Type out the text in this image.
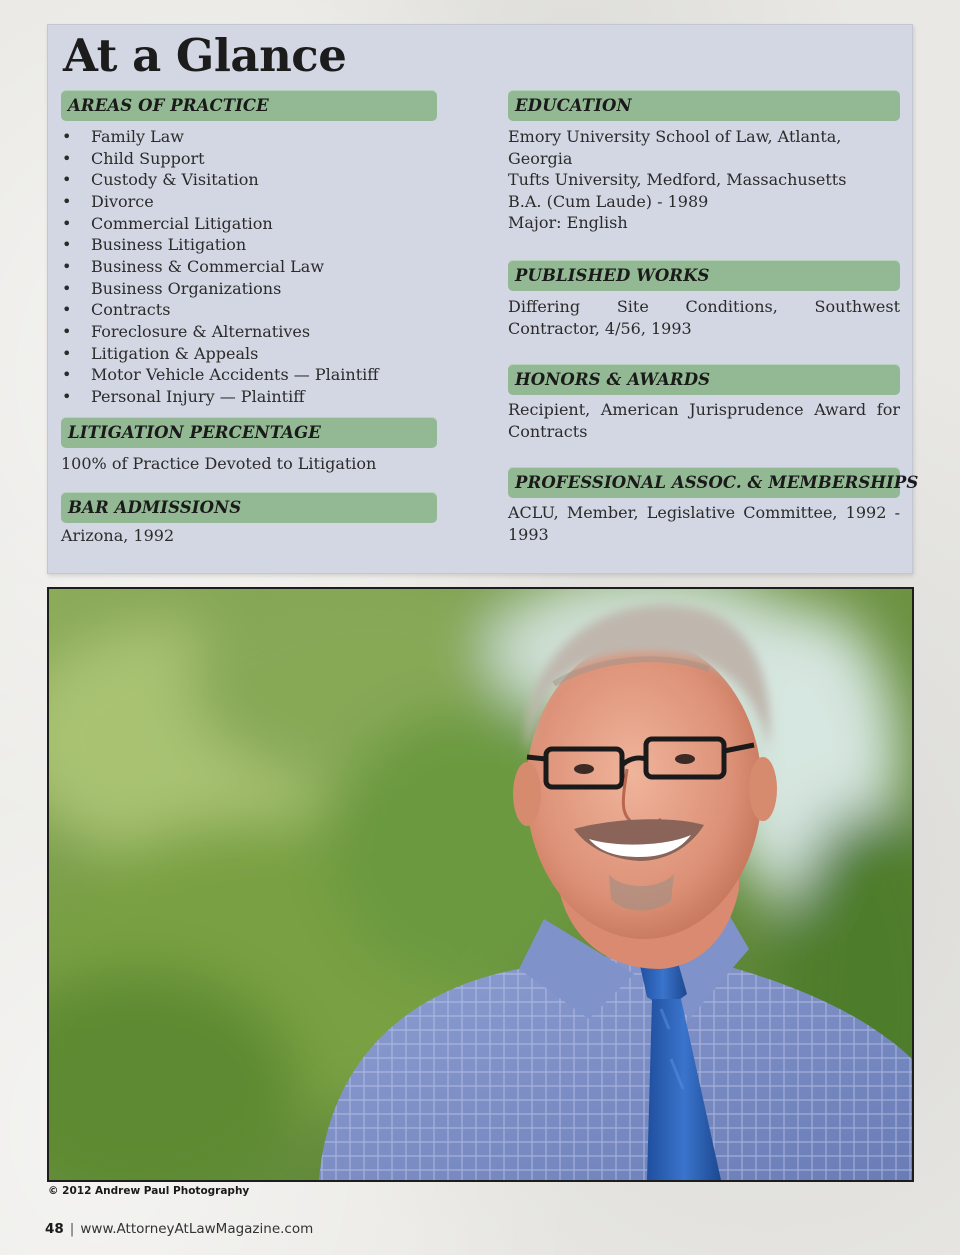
At a Glance
AREAS OF PRACTICE
• Family Law
• Child Support
• Custody & Visitation
• Divorce
• Commercial Litigation
• Business Litigation
• Business & Commercial Law
• Business Organizations
• Contracts
• Foreclosure & Alternatives
• Litigation & Appeals
• Motor Vehicle Accidents — Plaintiff
• Personal Injury — Plaintiff
LITIGATION PERCENTAGE
100% of Practice Devoted to Litigation
BAR ADMISSIONS
Arizona, 1992
EDUCATION
Emory University School of Law, Atlanta, Georgia
Tufts University, Medford, Massachusetts
B.A. (Cum Laude) - 1989
Major: English
PUBLISHED WORKS
Differing Site Conditions, Southwest Contractor, 4/56, 1993
HONORS & AWARDS
Recipient, American Jurisprudence Award for Contracts
PROFESSIONAL ASSOC. & MEMBERSHIPS
ACLU, Member, Legislative Committee, 1992 - 1993
© 2012 Andrew Paul Photography
48 | www.AttorneyAtLawMagazine.com
